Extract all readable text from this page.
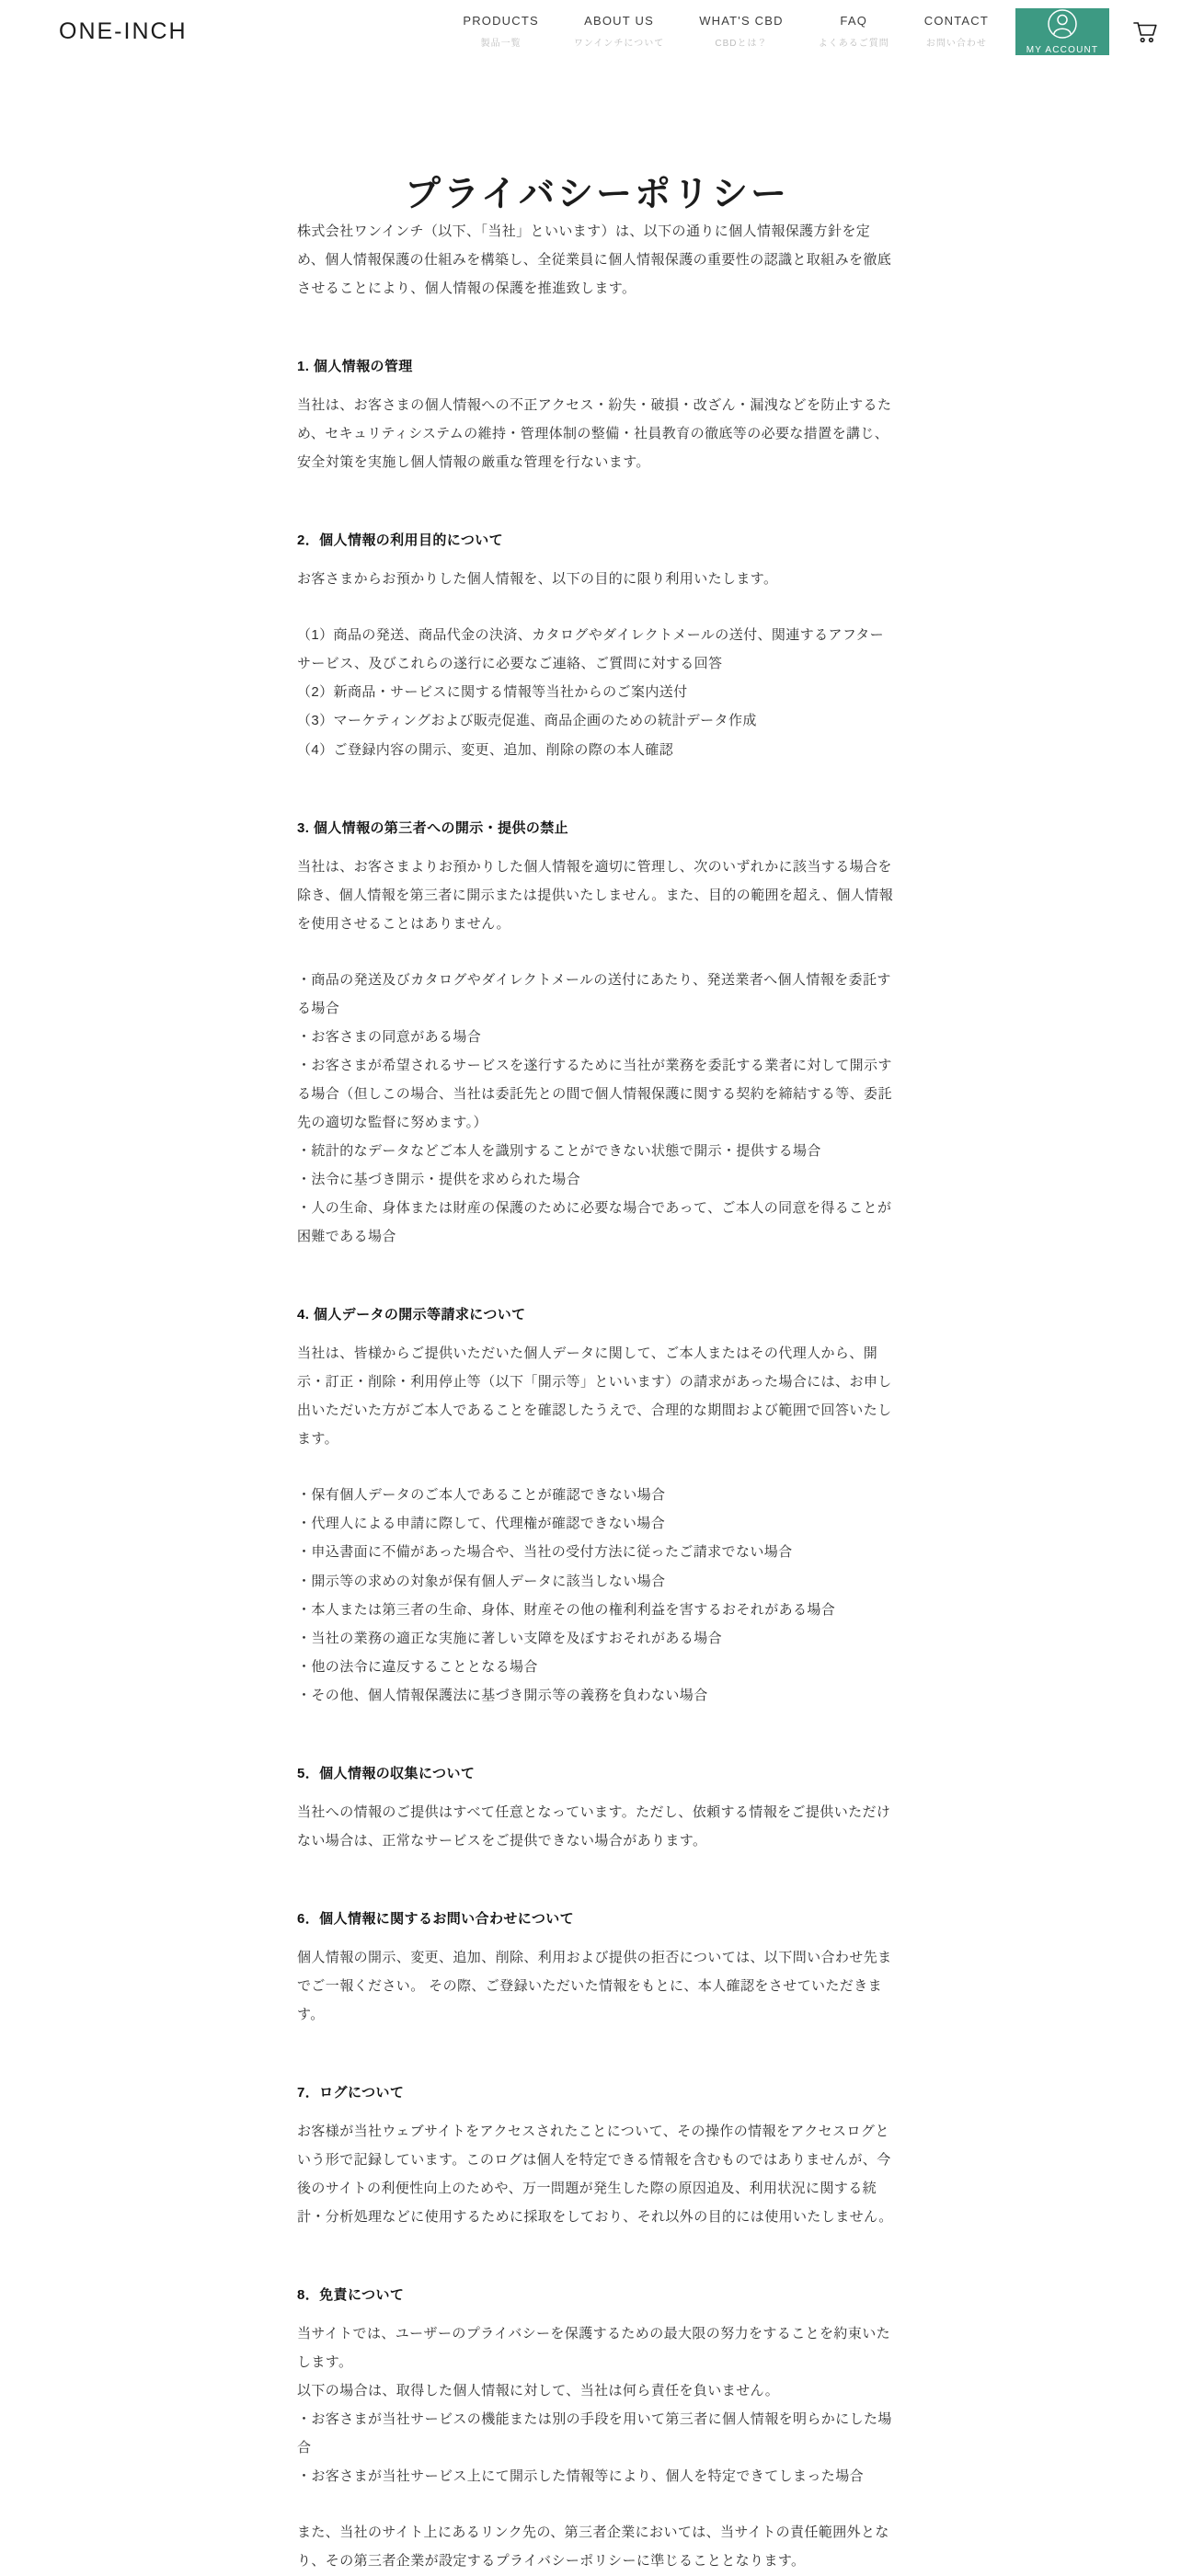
ONE-INCH	PRODUCTS
製品一覧
ABOUT US
ワンインチについて
WHAT'S CBD
CBDとは？
FAQ
よくあるご質問
CONTACT
お問い合わせ
MY ACCOUNT
プライバシーポリシー

株式会社ワンインチ（以下、「当社」といいます）は、以下の通りに個人情報保護方針を定め、個人情報保護の仕組みを構築し、全従業員に個人情報保護の重要性の認識と取組みを徹底させることにより、個人情報の保護を推進致します。

1. 個人情報の管理

当社は、お客さまの個人情報への不正アクセス・紛失・破損・改ざん・漏洩などを防止するため、セキュリティシステムの維持・管理体制の整備・社員教育の徹底等の必要な措置を講じ、安全対策を実施し個人情報の厳重な管理を行ないます。

2．個人情報の利用目的について

お客さまからお預かりした個人情報を、以下の目的に限り利用いたします。

（1）商品の発送、商品代金の決済、カタログやダイレクトメールの送付、関連するアフターサービス、及びこれらの遂行に必要なご連絡、ご質問に対する回答
（2）新商品・サービスに関する情報等当社からのご案内送付
（3）マーケティングおよび販売促進、商品企画のための統計データ作成
（4）ご登録内容の開示、変更、追加、削除の際の本人確認
3. 個人情報の第三者への開示・提供の禁止

当社は、お客さまよりお預かりした個人情報を適切に管理し、次のいずれかに該当する場合を除き、個人情報を第三者に開示または提供いたしません。また、目的の範囲を超え、個人情報を使用させることはありません。

・商品の発送及びカタログやダイレクトメールの送付にあたり、発送業者へ個人情報を委託する場合
・お客さまの同意がある場合
・お客さまが希望されるサービスを遂行するために当社が業務を委託する業者に対して開示する場合（但しこの場合、当社は委託先との間で個人情報保護に関する契約を締結する等、委託先の適切な監督に努めます。）
・統計的なデータなどご本人を識別することができない状態で開示・提供する場合
・法令に基づき開示・提供を求められた場合
・人の生命、身体または財産の保護のために必要な場合であって、ご本人の同意を得ることが困難である場合
4. 個人データの開示等請求について

当社は、皆様からご提供いただいた個人データに関して、ご本人またはその代理人から、開示・訂正・削除・利用停止等（以下「開示等」といいます）の請求があった場合には、お申し出いただいた方がご本人であることを確認したうえで、合理的な期間および範囲で回答いたします。

・保有個人データのご本人であることが確認できない場合
・代理人による申請に際して、代理権が確認できない場合
・申込書面に不備があった場合や、当社の受付方法に従ったご請求でない場合
・開示等の求めの対象が保有個人データに該当しない場合
・本人または第三者の生命、身体、財産その他の権利利益を害するおそれがある場合
・当社の業務の適正な実施に著しい支障を及ぼすおそれがある場合
・他の法令に違反することとなる場合
・その他、個人情報保護法に基づき開示等の義務を負わない場合
5．個人情報の収集について

当社への情報のご提供はすべて任意となっています。ただし、依頼する情報をご提供いただけない場合は、正常なサービスをご提供できない場合があります。

6．個人情報に関するお問い合わせについて

個人情報の開示、変更、追加、削除、利用および提供の拒否については、以下問い合わせ先までご一報ください。 その際、ご登録いただいた情報をもとに、本人確認をさせていただきます。

7．ログについて

お客様が当社ウェブサイトをアクセスされたことについて、その操作の情報をアクセスログという形で記録しています。このログは個人を特定できる情報を含むものではありませんが、今後のサイトの利便性向上のためや、万一問題が発生した際の原因追及、利用状況に関する統計・分析処理などに使用するために採取をしており、それ以外の目的には使用いたしません。

8．免責について
当サイトでは、ユーザーのプライバシーを保護するための最大限の努力をすることを約束いたします。
以下の場合は、取得した個人情報に対して、当社は何ら責任を負いません。
・お客さまが当社サービスの機能または別の手段を用いて第三者に個人情報を明らかにした場合
・お客さまが当社サービス上にて開示した情報等により、個人を特定できてしまった場合

また、当社のサイト上にあるリンク先の、第三者企業においては、当サイトの責任範囲外となり、その第三者企業が設定するプライバシーポリシーに準じることとなります。
